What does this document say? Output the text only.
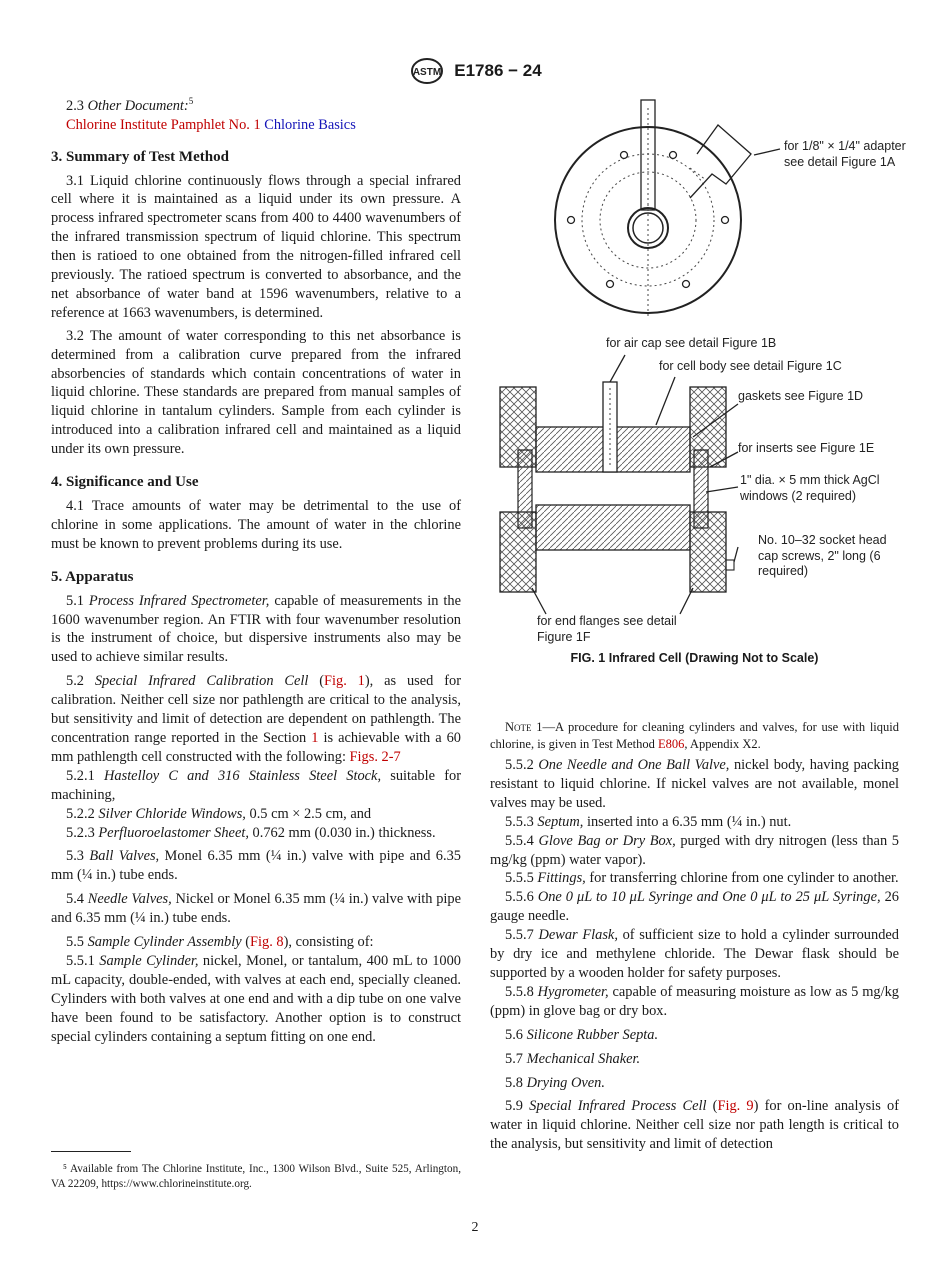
ASTM E1786 − 24
2.3 Other Document:$^5$
Chlorine Institute Pamphlet No. 1 Chlorine Basics
3. Summary of Test Method

3.1 Liquid chlorine continuously flows through a special infrared cell where it is maintained as a liquid under its own pressure. A process infrared spectrometer scans from 400 to 4400 wavenumbers of the infrared transmission spectrum of liquid chlorine. This spectrum then is ratioed to one obtained from the nitrogen-filled infrared cell previously. The ratioed spectrum is converted to absorbance, and the net absorbance of water band at 1596 wavenumbers, relative to a reference at 1663 wavenumbers, is determined.

3.2 The amount of water corresponding to this net absorbance is determined from a calibration curve prepared from the infrared absorbencies of standards which contain concentrations of water in liquid chlorine. These standards are prepared from manual samples of liquid chlorine in tantalum cylinders. Sample from each cylinder is introduced into a calibration infrared cell and maintained as a liquid under its own pressure.

4. Significance and Use

4.1 Trace amounts of water may be detrimental to the use of chlorine in some applications. The amount of water in the chlorine must be known to prevent problems during its use.

5. Apparatus

5.1 Process Infrared Spectrometer, capable of measurements in the 1600 wavenumber region. An FTIR with four wavenumber resolution is the instrument of choice, but dispersive instruments also may be used to achieve similar results.

5.2 Special Infrared Calibration Cell (Fig. 1), as used for calibration. Neither cell size nor pathlength are critical to the analysis, but sensitivity and limit of detection are dependent on pathlength. The concentration range reported in the Section 1 is achievable with a 60 mm pathlength cell constructed with the following: Figs. 2-7

5.2.1 Hastelloy C and 316 Stainless Steel Stock, suitable for machining,

5.2.2 Silver Chloride Windows, 0.5 cm × 2.5 cm, and

5.2.3 Perfluoroelastomer Sheet, 0.762 mm (0.030 in.) thickness.

5.3 Ball Valves, Monel 6.35 mm (¼ in.) valve with pipe and 6.35 mm (¼ in.) tube ends.

5.4 Needle Valves, Nickel or Monel 6.35 mm (¼ in.) valve with pipe and 6.35 mm (¼ in.) tube ends.

5.5 Sample Cylinder Assembly (Fig. 8), consisting of:

5.5.1 Sample Cylinder, nickel, Monel, or tantalum, 400 mL to 1000 mL capacity, double-ended, with valves at each end, specially cleaned. Cylinders with both valves at one end and with a dip tube on one valve have been found to be satisfactory. Another option is to construct special cylinders containing a septum fitting on one end.

⁵ Available from The Chlorine Institute, Inc., 1300 Wilson Blvd., Suite 525, Arlington, VA 22209, https://www.chlorineinstitute.org.
for 1/8" × 1/4" adapter see detail Figure 1A
for air cap see detail Figure 1B
for cell body see detail Figure 1C
gaskets see Figure 1D
for inserts see Figure 1E
1" dia. × 5 mm thick AgCl windows (2 required)
No. 10–32 socket head cap screws, 2" long (6 required)
for end flanges see detail Figure 1F
FIG. 1 Infrared Cell (Drawing Not to Scale)
Note 1—A procedure for cleaning cylinders and valves, for use with liquid chlorine, is given in Test Method E806, Appendix X2.

5.5.2 One Needle and One Ball Valve, nickel body, having packing resistant to liquid chlorine. If nickel valves are not available, monel valves may be used.

5.5.3 Septum, inserted into a 6.35 mm (¼ in.) nut.

5.5.4 Glove Bag or Dry Box, purged with dry nitrogen (less than 5 mg/kg (ppm) water vapor).

5.5.5 Fittings, for transferring chlorine from one cylinder to another.

5.5.6 One 0 μL to 10 μL Syringe and One 0 μL to 25 μL Syringe, 26 gauge needle.

5.5.7 Dewar Flask, of sufficient size to hold a cylinder surrounded by dry ice and methylene chloride. The Dewar flask should be supported by a wooden holder for safety purposes.

5.5.8 Hygrometer, capable of measuring moisture as low as 5 mg/kg (ppm) in glove bag or dry box.

5.6 Silicone Rubber Septa.

5.7 Mechanical Shaker.

5.8 Drying Oven.

5.9 Special Infrared Process Cell (Fig. 9) for on-line analysis of water in liquid chlorine. Neither cell size nor path length is critical to the analysis, but sensitivity and limit of detection

2
